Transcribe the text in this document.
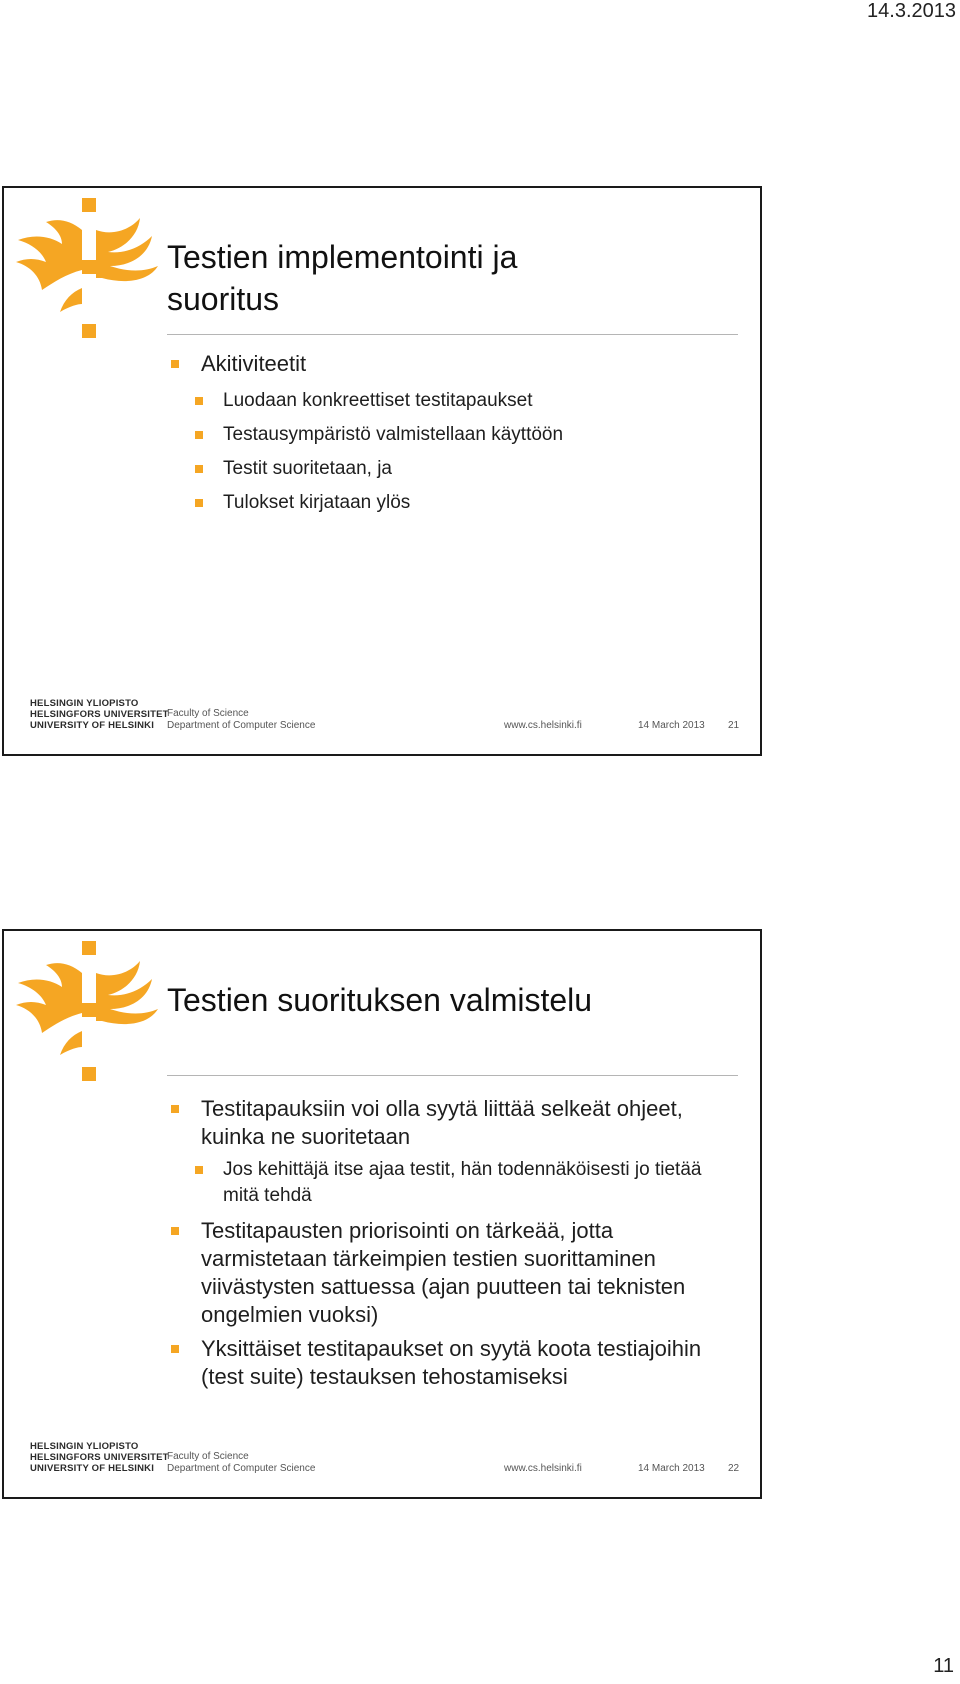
14.3.2013
Testien implementointi ja
suoritus
Akitiviteetit
Luodaan konkreettiset testitapaukset
Testausympäristö valmistellaan käyttöön
Testit suoritetaan, ja
Tulokset kirjataan ylös
HELSINGIN YLIOPISTO
HELSINGFORS UNIVERSITET
UNIVERSITY OF HELSINKI
Faculty of Science
Department of Computer Science	www.cs.helsinki.fi	14 March 2013 21
Testien suorituksen valmistelu
Testitapauksiin voi olla syytä liittää selkeät ohjeet, kuinka ne suoritetaan
Jos kehittäjä itse ajaa testit, hän todennäköisesti jo tietää mitä tehdä
Testitapausten priorisointi on tärkeää, jotta varmistetaan tärkeimpien testien suorittaminen viivästysten sattuessa (ajan puutteen tai teknisten ongelmien vuoksi)
Yksittäiset testitapaukset on syytä koota testiajoihin (test suite) testauksen tehostamiseksi
HELSINGIN YLIOPISTO
HELSINGFORS UNIVERSITET
UNIVERSITY OF HELSINKI
Faculty of Science
Department of Computer Science	www.cs.helsinki.fi	14 March 2013 22
11
